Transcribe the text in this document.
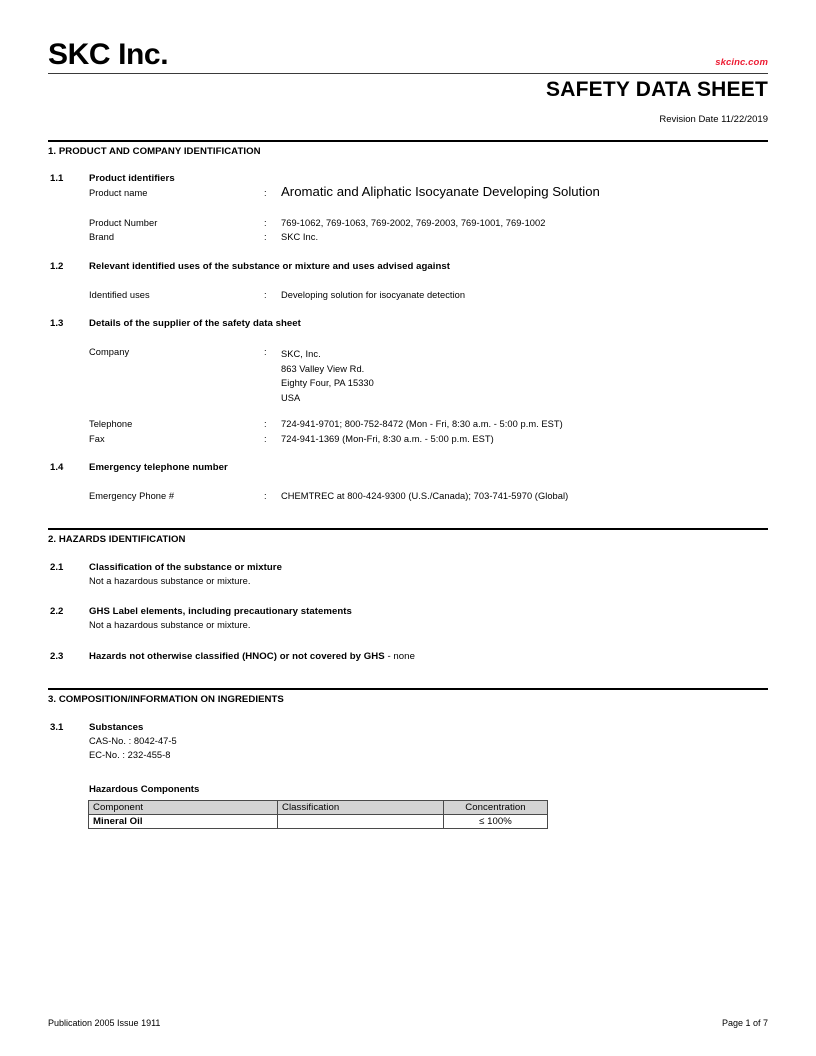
SKC Inc.	skcinc.com
SAFETY DATA SHEET
Revision Date 11/22/2019
1. PRODUCT AND COMPANY IDENTIFICATION
1.1	Product identifiers
Product name	: Aromatic and Aliphatic Isocyanate Developing Solution
Product Number	: 769-1062, 769-1063, 769-2002, 769-2003, 769-1001, 769-1002
Brand	: SKC Inc.
1.2	Relevant identified uses of the substance or mixture and uses advised against
Identified uses	: Developing solution for isocyanate detection
1.3	Details of the supplier of the safety data sheet
Company	: SKC, Inc.
863 Valley View Rd.
Eighty Four, PA 15330
USA
Telephone	: 724-941-9701; 800-752-8472 (Mon - Fri, 8:30 a.m. - 5:00 p.m. EST)
Fax	: 724-941-1369 (Mon-Fri, 8:30 a.m. - 5:00 p.m. EST)
1.4	Emergency telephone number
Emergency Phone #	: CHEMTREC at 800-424-9300 (U.S./Canada); 703-741-5970 (Global)
2. HAZARDS IDENTIFICATION
2.1	Classification of the substance or mixture
Not a hazardous substance or mixture.
2.2	GHS Label elements, including precautionary statements
Not a hazardous substance or mixture.
2.3	Hazards not otherwise classified (HNOC) or not covered by GHS - none
3. COMPOSITION/INFORMATION ON INGREDIENTS
3.1	Substances
CAS-No. : 8042-47-5
EC-No. : 232-455-8
Hazardous Components
Component	Classification	Concentration
Mineral Oil		≤ 100%
Publication 2005 Issue 1911	Page 1 of 7
